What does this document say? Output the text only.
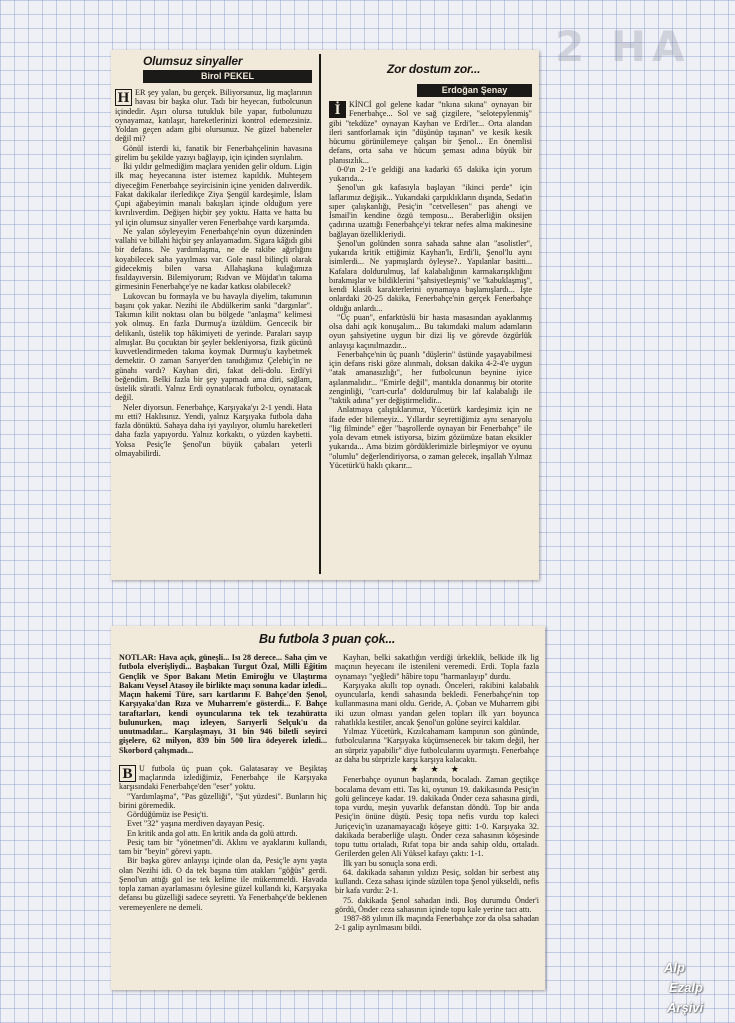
2 HA
Olumsuz sinyaller
Birol PEKEL
H ER şey yalan, bu gerçek. Biliyorsunuz, lig maçlarının havası bir başka olur. Tadı bir heyecan, futbolcunun içindedir. Aşırı olursa tutukluk bile yapar, futbolunuzu oynayamaz, katılaşır, hareketlerinizi kontrol edemezsiniz. Yoldan geçen adam gibi olursunuz. Ne güzel babeneler değil mi?

Gönül isterdi ki, fanatik bir Fenerbahçelinin havasına girelim bu şekilde yazıyı bağlayıp, için içinden sıyrılalım.

İki yıldır gelmediğim maçlara yeniden gelir oldum. Ligin ilk maç heyecanına ister istemez kapıldık. Muhteşem diyeceğim Fenerbahçe seyircisinin içine yeniden dalıverdik. Fakat dakikalar ilerledikçe Ziya Şengül kardeşimle, İslam Çupi ağabeyimin manalı bakışları içinde olduğum yere kıvrılıverdim. Değişen hiçbir şey yoktu. Hatta ve hatta bu yıl için olumsuz sinyaller veren Fenerbahçe vardı karşımda.

Ne yalan söyleyeyim Fenerbahçe'nin oyun düzeninden vallahi ve billahi hiçbir şey anlayamadım. Sigara kâğıdı gibi bir defans. Ne yardımlaşma, ne de rakibe ağırlığını koyabilecek saha yayılması var. Gole nasıl bilinçli olarak gidecekmiş bilen varsa Allahaşkına kulağımıza fısıldayıversin. Bilemiyorum; Rıdvan ve Müjdat'ın takıma girmesinin Fenerbahçe'ye ne kadar katkısı olabilecek?

Lukovcan bu formayla ve bu havayla diyelim, takımının başını çok yakar. Nezihi ile Abdülkerim sanki "dargınlar". Takımın kilit noktası olan bu bölgede "anlaşma" kelimesi yok olmuş. En fazla Durmuş'a üzüldüm. Gencecik bir delikanlı, üstelik top hâkimiyeti de yerinde. Paraları sayıp almışlar. Bu çocuktan bir şeyler bekleniyorsa, fizik gücünü kuvvetlendirmeden takıma koymak Durmuş'u kaybetmek demektir. O zaman Sarıyer'den tanıdığımız Çelebiç'in ne günahı vardı? Kayhan diri, fakat deli-dolu. Erdi'yi beğendim. Belki fazla bir şey yapmadı ama diri, sağlam, üstelik süratli. Yalnız Erdi oynatılacak futbolcu, oynatacak değil.

Neler diyorsun. Fenerbahçe, Karşıyaka'yı 2-1 yendi. Hata mı etti? Haklısınız. Yendi, yalnız Karşıyaka futbola daha fazla dönüktü. Sahaya daha iyi yayılıyor, olumlu hareketleri daha fazla yapıyordu. Yalnız korkaktı, o yüzden kaybetti. Yoksa Pesiç'le Şenol'un büyük çabaları yeterli olmayabilirdi.

Zor dostum zor...
Erdoğan Şenay
İ	KİNCİ gol gelene kadar "tıkına sıkına" oynayan bir Fenerbahçe... Sol ve sağ çizgilere, "selotepylenmiş" gibi "tekdüze" oynayan Kayhan ve Erdi'ler... Orta alandan ileri santforlamak için "düşünüp taşınan" ve kesik kesik hücumu görünülemeye çalışan bir Şenol... En önemlisi defans, orta saha ve hücum şeması adına büyük bir planısızlık...

0-0'ın 2-1'e geldiği ana kadarki 65 dakika için yorum yukarıda...

Şenol'un gık kafasıyla başlayan "ikinci perde" için laflarımız değişik... Yukarıdaki çarpıklıkların dışında, Sedat'ın sıper çalışkanlığı, Pesiç'in "cetvellesen" pas ahengi ve İsmail'in kendine özgü temposu... Beraberliğin oksijen çadırına uzattığı Fenerbahçe'yi tekrar nefes alma makinesine bağlayan özellikleriydi.

Şenol'un golünden sonra sahada sahne alan "asolistler", yukarıda kritik ettiğimiz Kayhan'lı, Erdi'li, Şenol'lu aynı isimlerdi... Ne yapmışlardı öyleyse?.. Yapılanlar basitti... Kafalara doldurulmuş, laf kalabalığının karmakarışıklığını bırakmışlar ve bildiklerini "şahsiyetleşmiş" ve "kabuklaşmış", kendi klasik karakterlerini oynamaya başlamışlardı... İşte onlardaki 20-25 dakika, Fenerbahçe'nin gerçek Fenerbahçe olduğu anlardı...

"Üç puan", enfarktüslü bir hasta masasından ayaklanmış olsa dahi açık konuşalım... Bu takımdaki malum adamların oyun şahsiyetine uygun bir dizi liş ve görevde özgürlük anlayışı kaçınılmazdır...

Fenerbahçe'nin üç puanlı "düşlerin" üstünde yaşayabilmesi için defans riski göze alınmalı, doksan dakika 4-2-4'e uygun "atak amanasızlığı", her futbolcunun beynine iyice aşılanmalıdır... "Emirle değil", mantıkla donanmış bir otorite zenginliği, "cart-curla" doldurulmuş bir laf kalabalığı ile "taktik adına" yer değiştirmelidir...

Anlatmaya çalıştıklarımız, Yücetürk kardeşimiz için ne ifade eder bilemeyiz... Yıllardır seyrettiğimiz aynı senaryolu "lig filminde" eğer "başrollerde oynayan bir Fenerbahçe" ile yola devam etmek istiyorsa, bizim gözümüze batan eksikler yukarıda... Ama bizim gördüklerimizle birleşmiyor ve oyunu "olumlu" değerlendiriyorsa, o zaman gelecek, inşallah Yılmaz Yücetürk'ü haklı çıkarır...

Bu futbola 3 puan çok...
NOTLAR: Hava açık, güneşli... Isı 28 derece... Saha çim ve futbola elverişliydi... Başbakan Turgut Özal, Milli Eğitim Gençlik ve Spor Bakanı Metin Emiroğlu ve Ulaştırma Bakanı Veysel Atasoy ile birlikte maçı sonuna kadar izledi... Maçın hakemi Türe, sarı kartlarını F. Bahçe'den Şenol, Karşıyaka'dan Rıza ve Muharrem'e gösterdi... F. Bahçe taraftarları, kendi oyuncularına tek tek tezahüratta bulunurken, maçı izleyen, Sarıyerli Selçuk'u da unutmadılar... Karşılaşmayı, 31 bin 946 biletli seyirci gişelere, 62 milyon, 839 bin 500 lira ödeyerek izledi... Skorbord çalışmadı...
B U futbola üç puan çok. Galatasaray ve Beşiktaş maçlarında izlediğimiz, Fenerbahçe ile Karşıyaka karşısındaki Fenerbahçe'den "eser" yoktu.

"Yardımlaşma", "Pas güzelliği", "Şut yüzdesi". Bunların hiç birini göremedik.

Gördüğümüz ise Pesiç'ti.

Evet "32" yaşına merdiven dayayan Pesiç.

En kritik anda gol attı. En kritik anda da golü attırdı.

Pesiç tam bir "yönetmen"di. Aklını ve ayaklarını kullandı, tam bir "beyin" görevi yaptı.

Bir başka görev anlayışı içinde olan da, Pesiç'le aynı yaşta olan Nezihi idi. O da tek başına tüm atakları "göğüs" gerdi. Şenol'un attığı gol ise tek kelime ile mükemmeldi. Havada topla zaman ayarlamasını öylesine güzel kullandı ki, Karşıyaka defansı bu güzelliği sadece seyretti. Ya Fenerbahçe'de beklenen veremeyenlere ne demeli.

Kayhan, belki sakatlığın verdiği ürkeklik, belkide ilk lig maçının heyecanı ile istenileni veremedi. Erdi. Topla fazla oynamayı "yeğledi" hâbire topu "harmanlayıp" durdu.

Karşıyaka akıllı top oynadı. Önceleri, rakibini kalabalık oyuncularla, kendi sahasında bekledi. Fenerbahçe'nin top kullanmasına mani oldu. Geride, A. Çoban ve Muharrem gibi iki uzun olması yandan gelen topları ilk yarı boyunca rahatlıkla kestiler, ancak Şenol'un golüne seyirci kaldılar.

Yılmaz Yücetürk, Kızılcahamam kampının son gününde, futbolcularına "Karşıyaka küçümsenecek bir takım değil, her an sürpriz yapabilir" diye futbolcularını uyarmıştı. Fenerbahçe az daha bu sürprizle karşı karşıya kalacaktı.

★ ★ ★

Fenerbahçe oyunun başlarında, bocaladı. Zaman geçtikçe bocalama devam etti. Tas ki, oyunun 19. dakikasında Pesiç'in golü gelinceye kadar. 19. dakikada Önder ceza sahasına girdi, topa vurdu, meşin yuvarlık defanstan döndü. Top bir anda Pesiç'in önüne düştü. Pesiç topa nefis vurdu top kaleci Juriçeviç'in uzanamayacağı köşeye gitti: 1-0. Karşıyaka 32. dakikada beraberliğe ulaştı. Önder ceza sahasının köşesinde topu tuttu ortaladı, Rıfat topa bir anda sahip oldu, ortaladı. Gerilerden gelen Ali Yüksel kafayı çaktı: 1-1.

İlk yarı bu sonuçla sona erdi.

64. dakikada sahanın yıldızı Pesiç, soldan bir serbest atış kullandı. Ceza sahası içinde süzülen topa Şenol yükseldi, nefis bir kafa vurdu: 2-1.

75. dakikada Şenol sahadan indi. Boş durumdu Önder'i gördü, Önder ceza sahasının içinde topu kale yerine tacı attı.

1987-88 yılının ilk maçında Fenerbahçe zor da olsa sahadan 2-1 galip ayrılmasını bildi.

Alp
Ezalp
Arşivi
